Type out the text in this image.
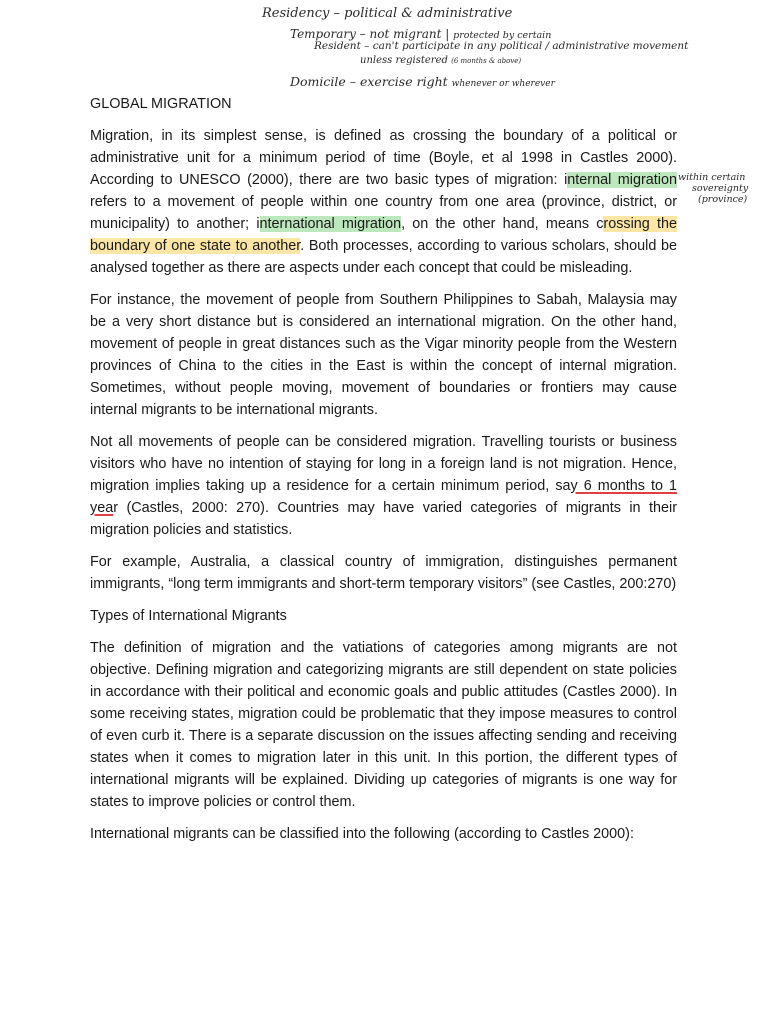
Residency – political & administrative
Temporary – not migrant | protected by certain
Resident – can't participate in any political / administrative movement
unless registered (6 months & above)
Domicile – exercise right whenever or wherever
within certain
sovereignty
(province)

GLOBAL MIGRATION

Migration, in its simplest sense, is defined as crossing the boundary of a political or administrative unit for a minimum period of time (Boyle, et al 1998 in Castles 2000). According to UNESCO (2000), there are two basic types of migration: internal migration refers to a movement of people within one country from one area (province, district, or municipality) to another; international migration, on the other hand, means crossing the boundary of one state to another. Both processes, according to various scholars, should be analysed together as there are aspects under each concept that could be misleading.

For instance, the movement of people from Southern Philippines to Sabah, Malaysia may be a very short distance but is considered an international migration. On the other hand, movement of people in great distances such as the Vigar minority people from the Western provinces of China to the cities in the East is within the concept of internal migration. Sometimes, without people moving, movement of boundaries or frontiers may cause internal migrants to be international migrants.

Not all movements of people can be considered migration. Travelling tourists or business visitors who have no intention of staying for long in a foreign land is not migration. Hence, migration implies taking up a residence for a certain minimum period, say 6 months to 1 year (Castles, 2000: 270). Countries may have varied categories of migrants in their migration policies and statistics.

For example, Australia, a classical country of immigration, distinguishes permanent immigrants, “long term immigrants and short-term temporary visitors” (see Castles, 200:270)

Types of International Migrants

The definition of migration and the vatiations of categories among migrants are not objective. Defining migration and categorizing migrants are still dependent on state policies in accordance with their political and economic goals and public attitudes (Castles 2000). In some receiving states, migration could be problematic that they impose measures to control of even curb it. There is a separate discussion on the issues affecting sending and receiving states when it comes to migration later in this unit. In this portion, the different types of international migrants will be explained. Dividing up categories of migrants is one way for states to improve policies or control them.

International migrants can be classified into the following (according to Castles 2000):
